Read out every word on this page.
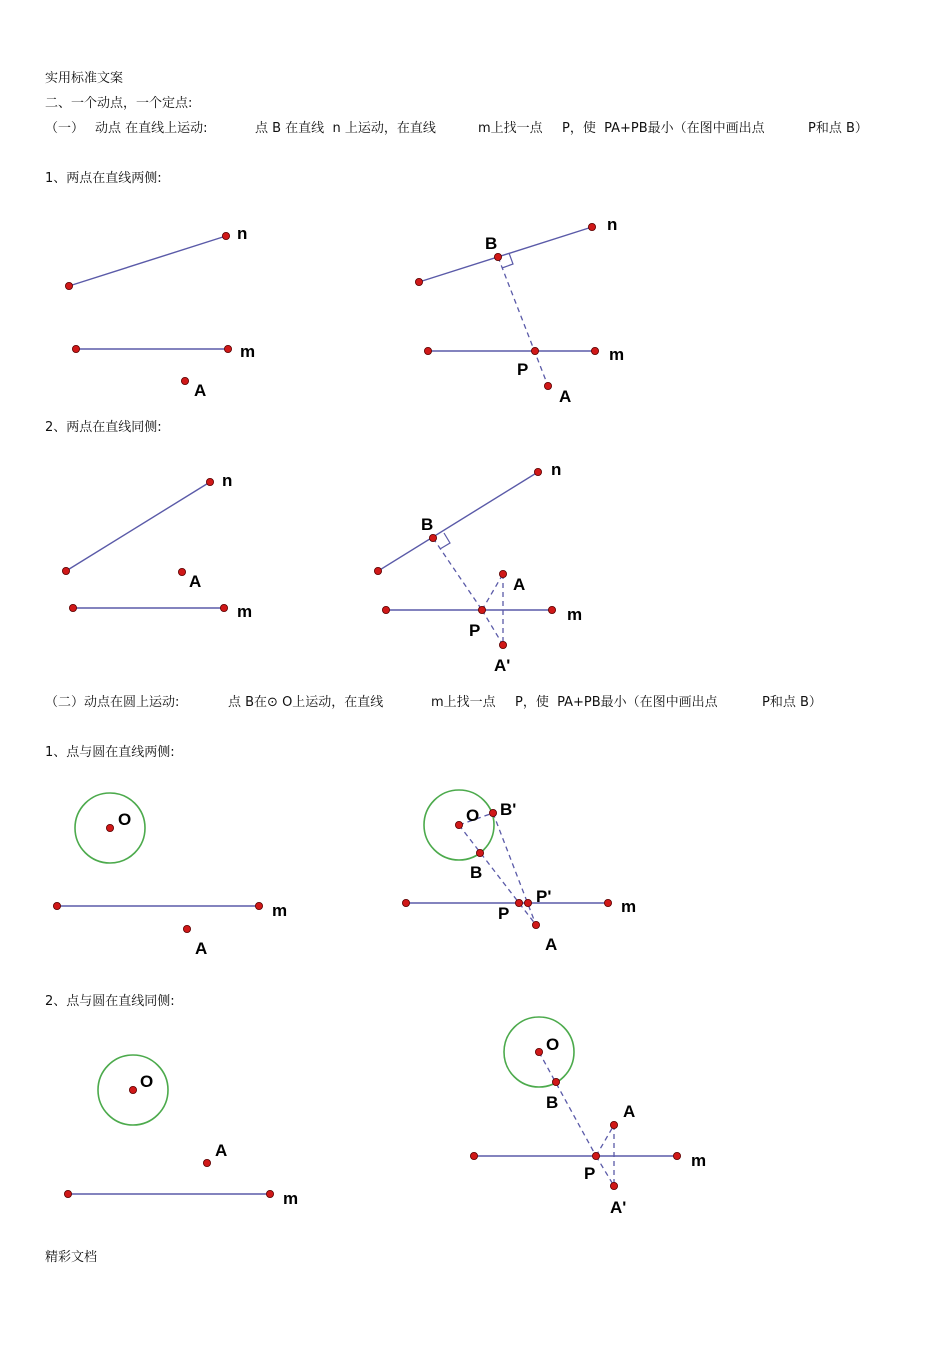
实用标准文案
二、一个动点，一个定点:
（一） 动点 在直线上运动:	点 B 在直线  n 上运动，在直线	m上找一点 P，使  PA+PB最小（在图中画出点	P和点 B）
1、两点在直线两侧:
2、两点在直线同侧:
（二）动点在圆上运动:	点 B在⊙ O上运动，在直线	m上找一点 P，使  PA+PB最小（在图中画出点	P和点 B）
1、点与圆在直线两侧:
2、点与圆在直线同侧:
精彩文档
n
m
A
n
B
m
P
A
n
A
m
n
B
A
m
P
A'
O
m
A
O B'
B
P'
m
P
A
O
A
m
O
B	A
m
P
A'
